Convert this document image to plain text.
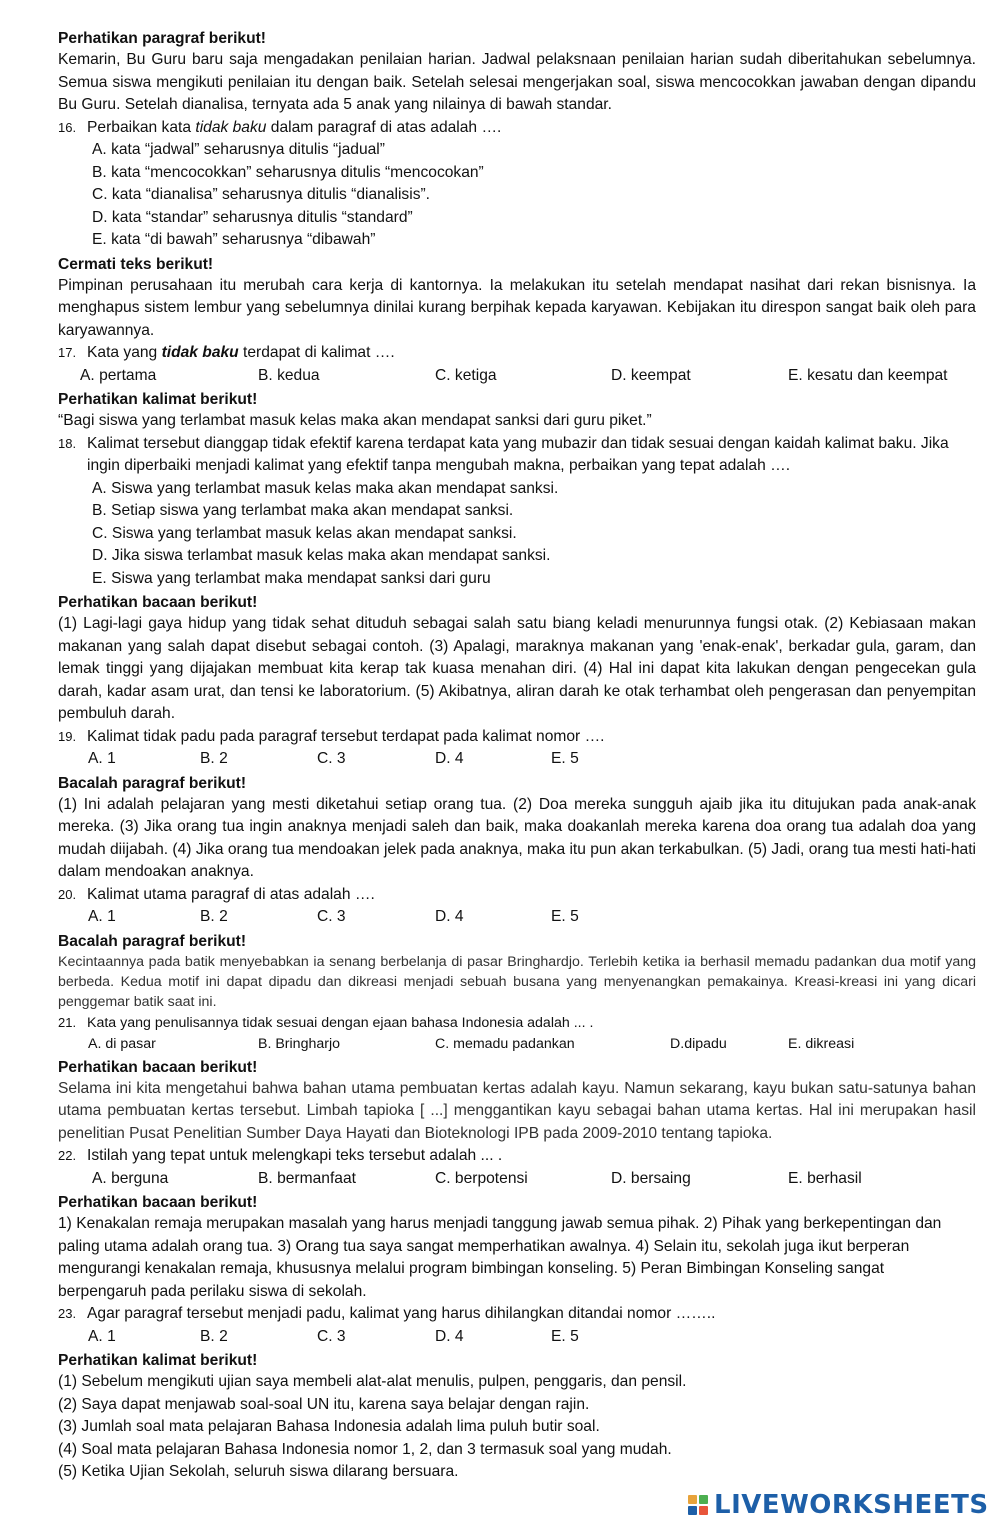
Perhatikan paragraf berikut!
Kemarin, Bu Guru baru saja mengadakan penilaian harian. Jadwal pelaksnaan penilaian harian sudah diberitahukan sebelumnya. Semua siswa mengikuti penilaian itu dengan baik. Setelah selesai mengerjakan soal, siswa mencocokkan jawaban dengan dipandu Bu Guru. Setelah dianalisa, ternyata ada 5 anak yang nilainya di bawah standar.
16. Perbaikan kata tidak baku dalam paragraf di atas adalah ….
A. kata “jadwal” seharusnya ditulis “jadual”
B. kata “mencocokkan” seharusnya ditulis “mencocokan”
C. kata “dianalisa” seharusnya ditulis “dianalisis”.
D. kata “standar” seharusnya ditulis “standard”
E. kata “di bawah” seharusnya “dibawah”
Cermati teks berikut!
Pimpinan perusahaan itu merubah cara kerja di kantornya. Ia melakukan itu setelah mendapat nasihat dari rekan bisnisnya. Ia menghapus sistem lembur yang sebelumnya dinilai kurang berpihak kepada karyawan. Kebijakan itu direspon sangat baik oleh para karyawannya.
17. Kata yang tidak baku terdapat di kalimat ….
A. pertama	B. kedua	C. ketiga	D. keempat	E. kesatu dan keempat
Perhatikan kalimat berikut!
“Bagi siswa yang terlambat masuk kelas maka akan mendapat sanksi dari guru piket.”
18. Kalimat tersebut dianggap tidak efektif karena terdapat kata yang mubazir dan tidak sesuai dengan kaidah kalimat baku. Jika ingin diperbaiki menjadi kalimat yang efektif tanpa mengubah makna, perbaikan yang tepat adalah ….
A. Siswa yang terlambat masuk kelas maka akan mendapat sanksi.
B. Setiap siswa yang terlambat maka akan mendapat sanksi.
C. Siswa yang terlambat masuk kelas akan mendapat sanksi.
D. Jika siswa terlambat masuk kelas maka akan mendapat sanksi.
E. Siswa yang terlambat maka mendapat sanksi dari guru
Perhatikan bacaan berikut!
(1) Lagi-lagi gaya hidup yang tidak sehat dituduh sebagai salah satu biang keladi menurunnya fungsi otak. (2) Kebiasaan makan makanan yang salah dapat disebut sebagai contoh. (3) Apalagi, maraknya makanan yang 'enak-enak', berkadar gula, garam, dan lemak tinggi yang dijajakan membuat kita kerap tak kuasa menahan diri. (4) Hal ini dapat kita lakukan dengan pengecekan gula darah, kadar asam urat, dan tensi ke laboratorium. (5) Akibatnya, aliran darah ke otak terhambat oleh pengerasan dan penyempitan pembuluh darah.
19. Kalimat tidak padu pada paragraf tersebut terdapat pada kalimat nomor ….
A. 1	B. 2	C. 3	D. 4	E. 5
Bacalah paragraf berikut!
(1) Ini adalah pelajaran yang mesti diketahui setiap orang tua. (2) Doa mereka sungguh ajaib jika itu ditujukan pada anak-anak mereka. (3) Jika orang tua ingin anaknya menjadi saleh dan baik, maka doakanlah mereka karena doa orang tua adalah doa yang mudah diijabah. (4) Jika orang tua mendoakan jelek pada anaknya, maka itu pun akan terkabulkan. (5) Jadi, orang tua mesti hati-hati dalam mendoakan anaknya.
20. Kalimat utama paragraf di atas adalah ….
A. 1	B. 2	C. 3	D. 4	E. 5
Bacalah paragraf berikut!
Kecintaannya pada batik menyebabkan ia senang berbelanja di pasar Bringhardjo. Terlebih ketika ia berhasil memadu padankan dua motif yang berbeda. Kedua motif ini dapat dipadu dan dikreasi menjadi sebuah busana yang menyenangkan pemakainya. Kreasi-kreasi ini yang dicari penggemar batik saat ini.
21. Kata yang penulisannya tidak sesuai dengan ejaan bahasa Indonesia adalah ... .
A. di pasar	B. Bringharjo	C. memadu padankan	D.dipadu	E. dikreasi
Perhatikan bacaan berikut!
Selama ini kita mengetahui bahwa bahan utama pembuatan kertas adalah kayu. Namun sekarang, kayu bukan satu-satunya bahan utama pembuatan kertas tersebut. Limbah tapioka [ ...] menggantikan kayu sebagai bahan utama kertas. Hal ini merupakan hasil penelitian Pusat Penelitian Sumber Daya Hayati dan Bioteknologi IPB pada 2009-2010 tentang tapioka.
22. Istilah yang tepat untuk melengkapi teks tersebut adalah ... .
A. berguna	B. bermanfaat	C. berpotensi	D. bersaing	E. berhasil
Perhatikan bacaan berikut!
1) Kenakalan remaja merupakan masalah yang harus menjadi tanggung jawab semua pihak. 2) Pihak yang berkepentingan dan paling utama adalah orang tua. 3) Orang tua saya sangat memperhatikan awalnya. 4) Selain itu, sekolah juga ikut berperan mengurangi kenakalan remaja, khususnya melalui program bimbingan konseling. 5) Peran Bimbingan Konseling sangat berpengaruh pada perilaku siswa di sekolah.
23. Agar paragraf tersebut menjadi padu, kalimat yang harus dihilangkan ditandai nomor ……..
A. 1	B. 2	C. 3	D. 4	E. 5
Perhatikan kalimat berikut!
(1) Sebelum mengikuti ujian saya membeli alat-alat menulis, pulpen, penggaris, dan pensil.
(2) Saya dapat menjawab soal-soal UN itu, karena saya belajar dengan rajin.
(3) Jumlah soal mata pelajaran Bahasa Indonesia adalah lima puluh butir soal.
(4) Soal mata pelajaran Bahasa Indonesia nomor 1, 2, dan 3 termasuk soal yang mudah.
(5) Ketika Ujian Sekolah, seluruh siswa dilarang bersuara.
LIVEWORKSHEETS
